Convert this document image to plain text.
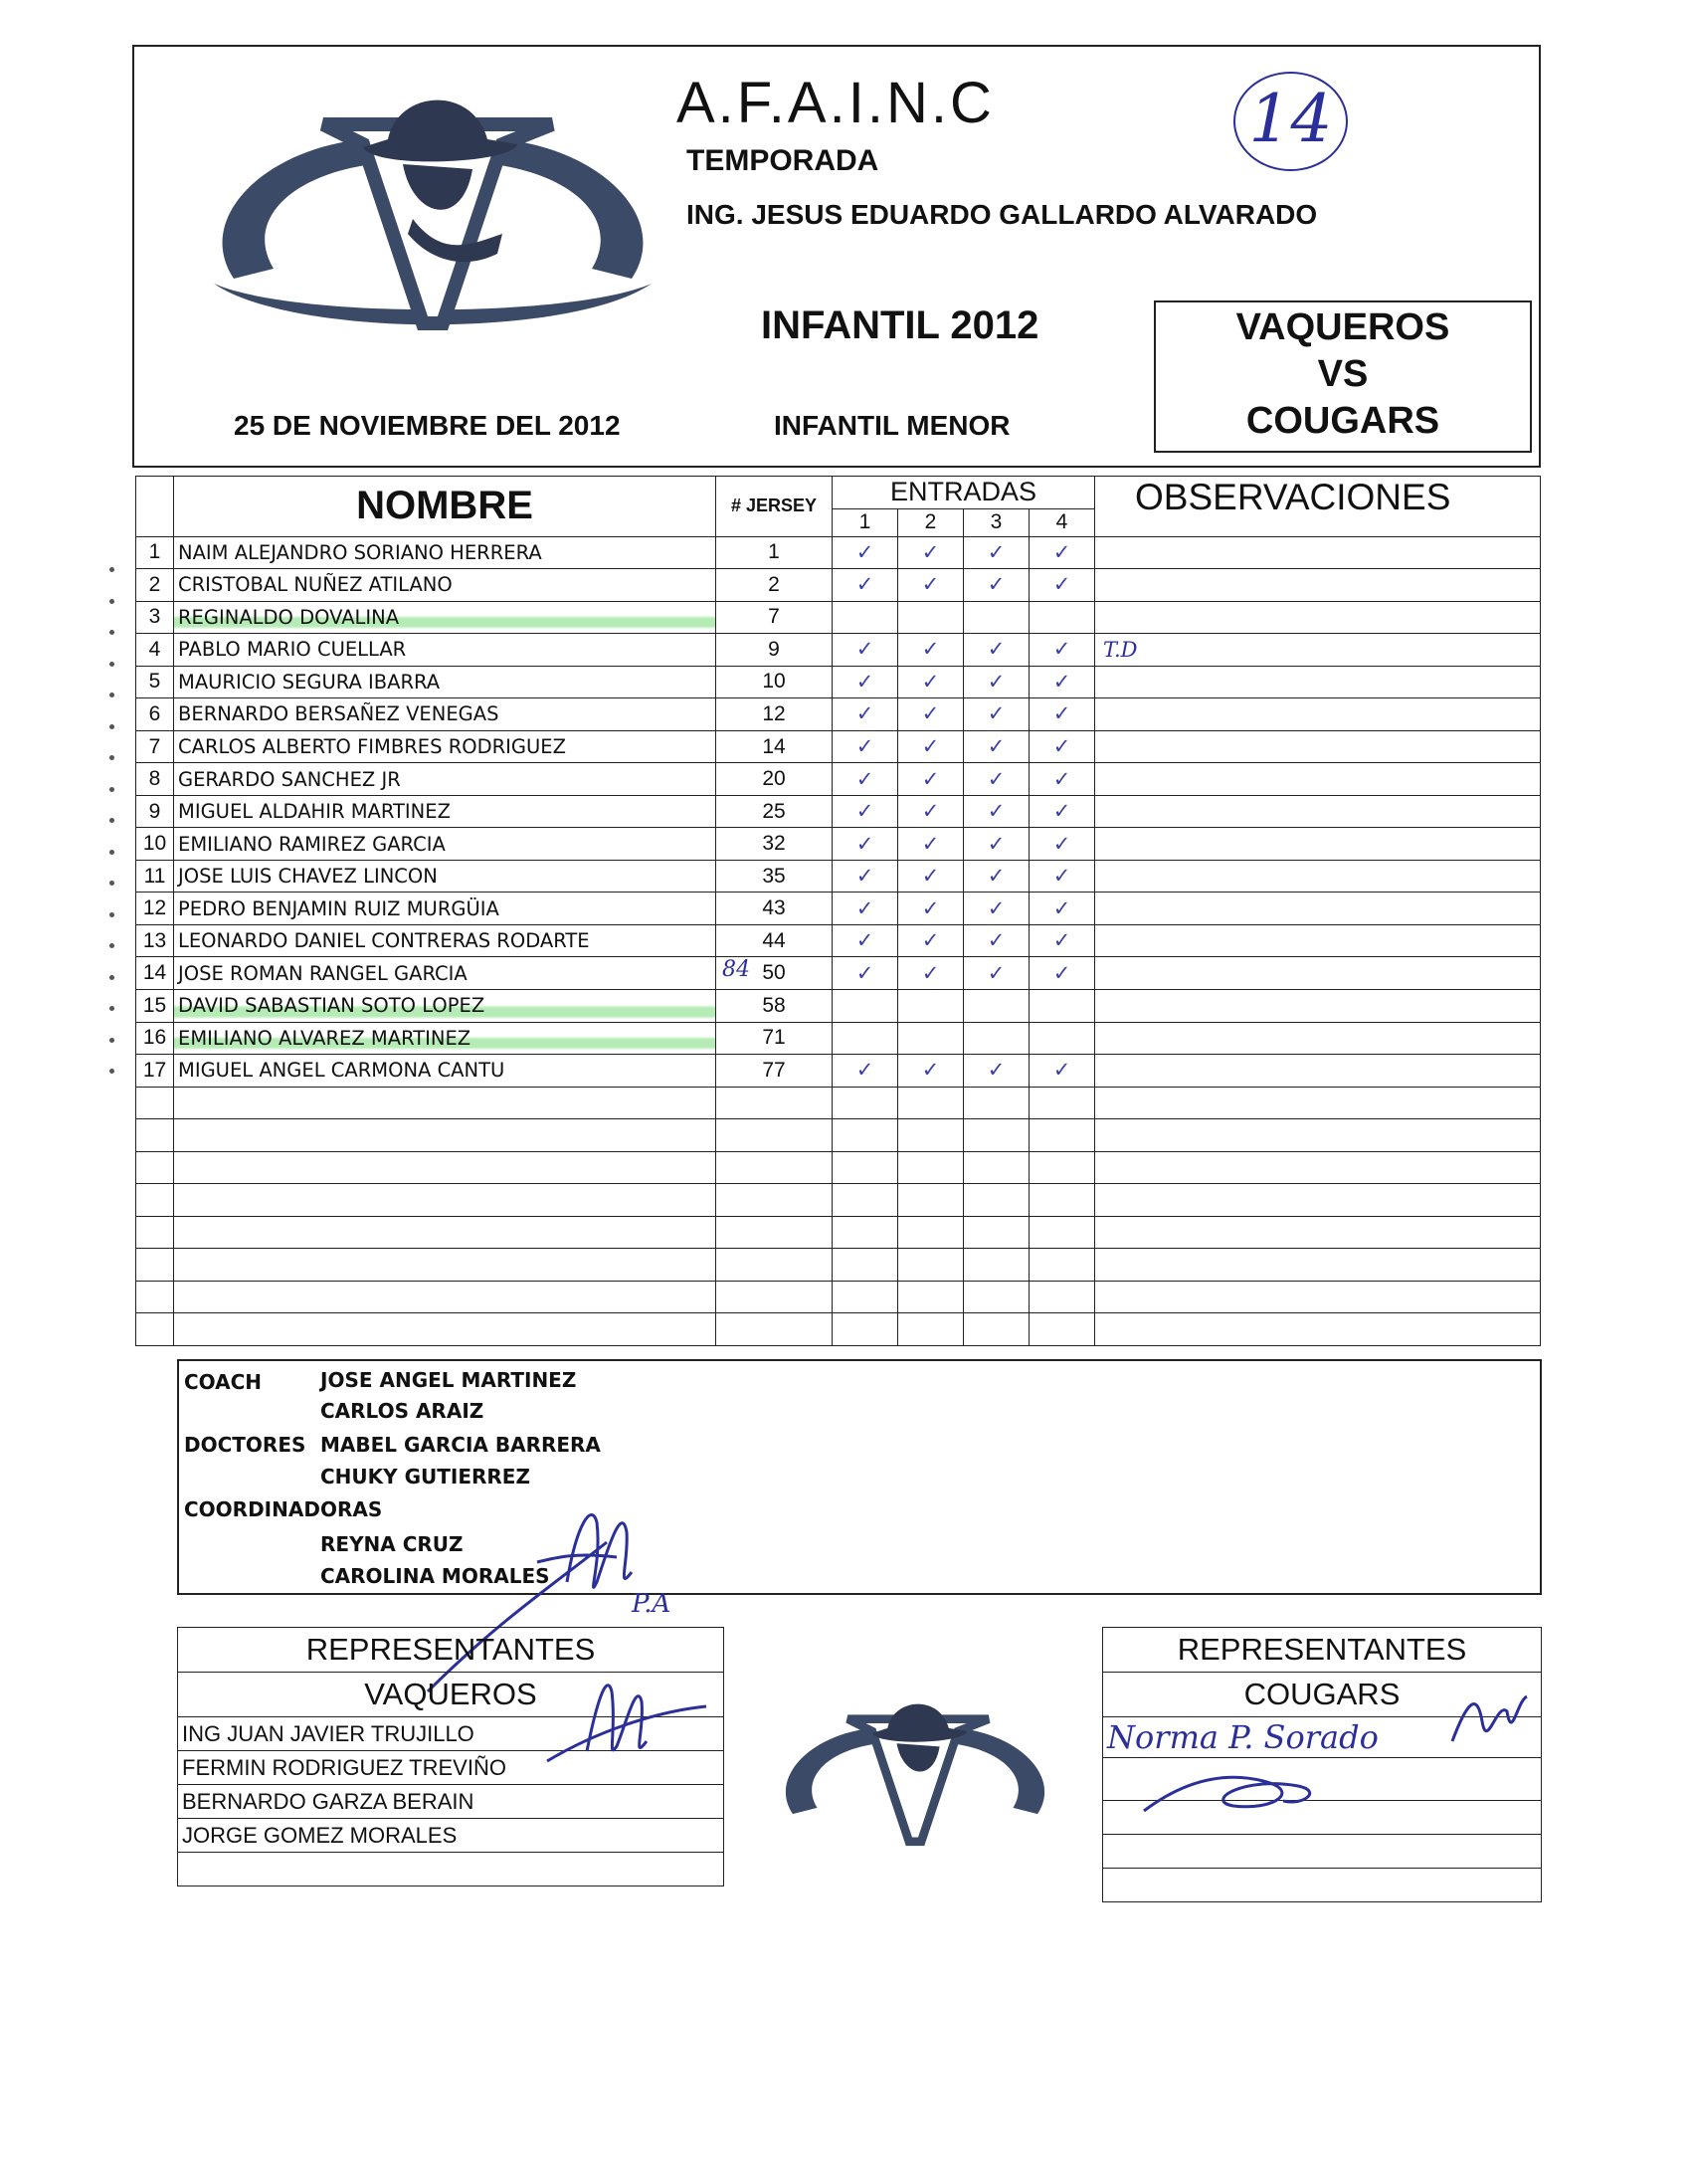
A.F.A.I.N.C
TEMPORADA
ING. JESUS EDUARDO GALLARDO ALVARADO
14
INFANTIL 2012
INFANTIL MENOR
25 DE NOVIEMBRE DEL 2012
VAQUEROS
VS
COUGARS
	NOMBRE	# JERSEY	ENTRADAS				OBSERVACIONES
			1	2	3	4	
1	NAIM ALEJANDRO SORIANO HERRERA	1	✓	✓	✓	✓	
2	CRISTOBAL NUÑEZ ATILANO	2	✓	✓	✓	✓	
3	REGINALDO DOVALINA	7					
4	PABLO MARIO CUELLAR	9	✓	✓	✓	✓	T.D
5	MAURICIO SEGURA IBARRA	10	✓	✓	✓	✓	
6	BERNARDO BERSAÑEZ VENEGAS	12	✓	✓	✓	✓	
7	CARLOS ALBERTO FIMBRES RODRIGUEZ	14	✓	✓	✓	✓	
8	GERARDO SANCHEZ JR	20	✓	✓	✓	✓	
9	MIGUEL ALDAHIR MARTINEZ	25	✓	✓	✓	✓	
10	EMILIANO RAMIREZ GARCIA	32	✓	✓	✓	✓	
11	JOSE LUIS CHAVEZ LINCON	35	✓	✓	✓	✓	
12	PEDRO BENJAMIN RUIZ MURGÜIA	43	✓	✓	✓	✓	
13	LEONARDO DANIEL CONTRERAS RODARTE	44	✓	✓	✓	✓	
14	JOSE ROMAN RANGEL GARCIA	84 50	✓	✓	✓	✓	
15	DAVID SABASTIAN SOTO LOPEZ	58					
16	EMILIANO ALVAREZ MARTINEZ	71					
17	MIGUEL ANGEL CARMONA CANTU	77	✓	✓	✓	✓	

COACH	JOSE ANGEL MARTINEZ
CARLOS ARAIZ
DOCTORES MABEL GARCIA BARRERA
CHUKY GUTIERREZ
COORDINADORAS
REYNA CRUZ
CAROLINA MORALES
P.A
REPRESENTANTES
VAQUEROS
ING JUAN JAVIER TRUJILLO
FERMIN RODRIGUEZ TREVIÑO
BERNARDO GARZA BERAIN
JORGE GOMEZ MORALES

REPRESENTANTES
COUGARS
Norma P. Sorado
